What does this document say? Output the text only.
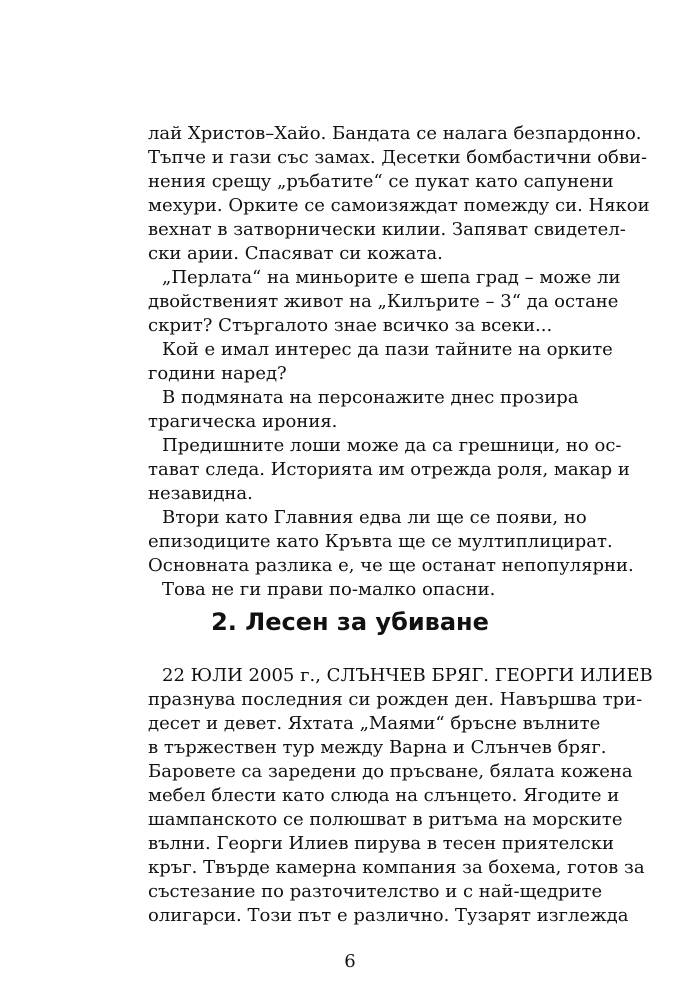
лай Христов–Хайо. Бандата се налага безпардонно.
Тъпче и гази със замах. Десетки бомбастични обви-
нения срещу „ръбатите“ се пукат като сапунени
мехури. Орките се самоизяждат помежду си. Някои
вехнат в затворнически килии. Запяват свидетел-
ски арии. Спасяват си кожата.
„Перлата“ на миньорите е шепа град – може ли
двойственият живот на „Килърите – 3“ да остане
скрит? Стъргалото знае всичко за всеки...
Кой е имал интерес да пази тайните на орките
години наред?
В подмяната на персонажите днес прозира
трагическа ирония.
Предишните лоши може да са грешници, но ос-
тават следа. Историята им отрежда роля, макар и
незавидна.
Втори като Главния едва ли ще се появи, но
епизодиците като Кръвта ще се мултиплицират.
Основната разлика е, че ще останат непопулярни.
Това не ги прави по-малко опасни.
2. Лесен за убиване
22 ЮЛИ 2005 г., СЛЪНЧЕВ БРЯГ. ГЕОРГИ ИЛИЕВ
празнува последния си рожден ден. Навършва три-
десет и девет. Яхтата „Маями“ бръсне вълните
в тържествен тур между Варна и Слънчев бряг.
Баровете са заредени до пръсване, бялата кожена
мебел блести като слюда на слънцето. Ягодите и
шампанското се полюшват в ритъма на морските
вълни. Георги Илиев пирува в тесен приятелски
кръг. Твърде камерна компания за бохема, готов за
състезание по разточителство и с най-щедрите
олигарси. Този път е различно. Тузарят изглежда
6
